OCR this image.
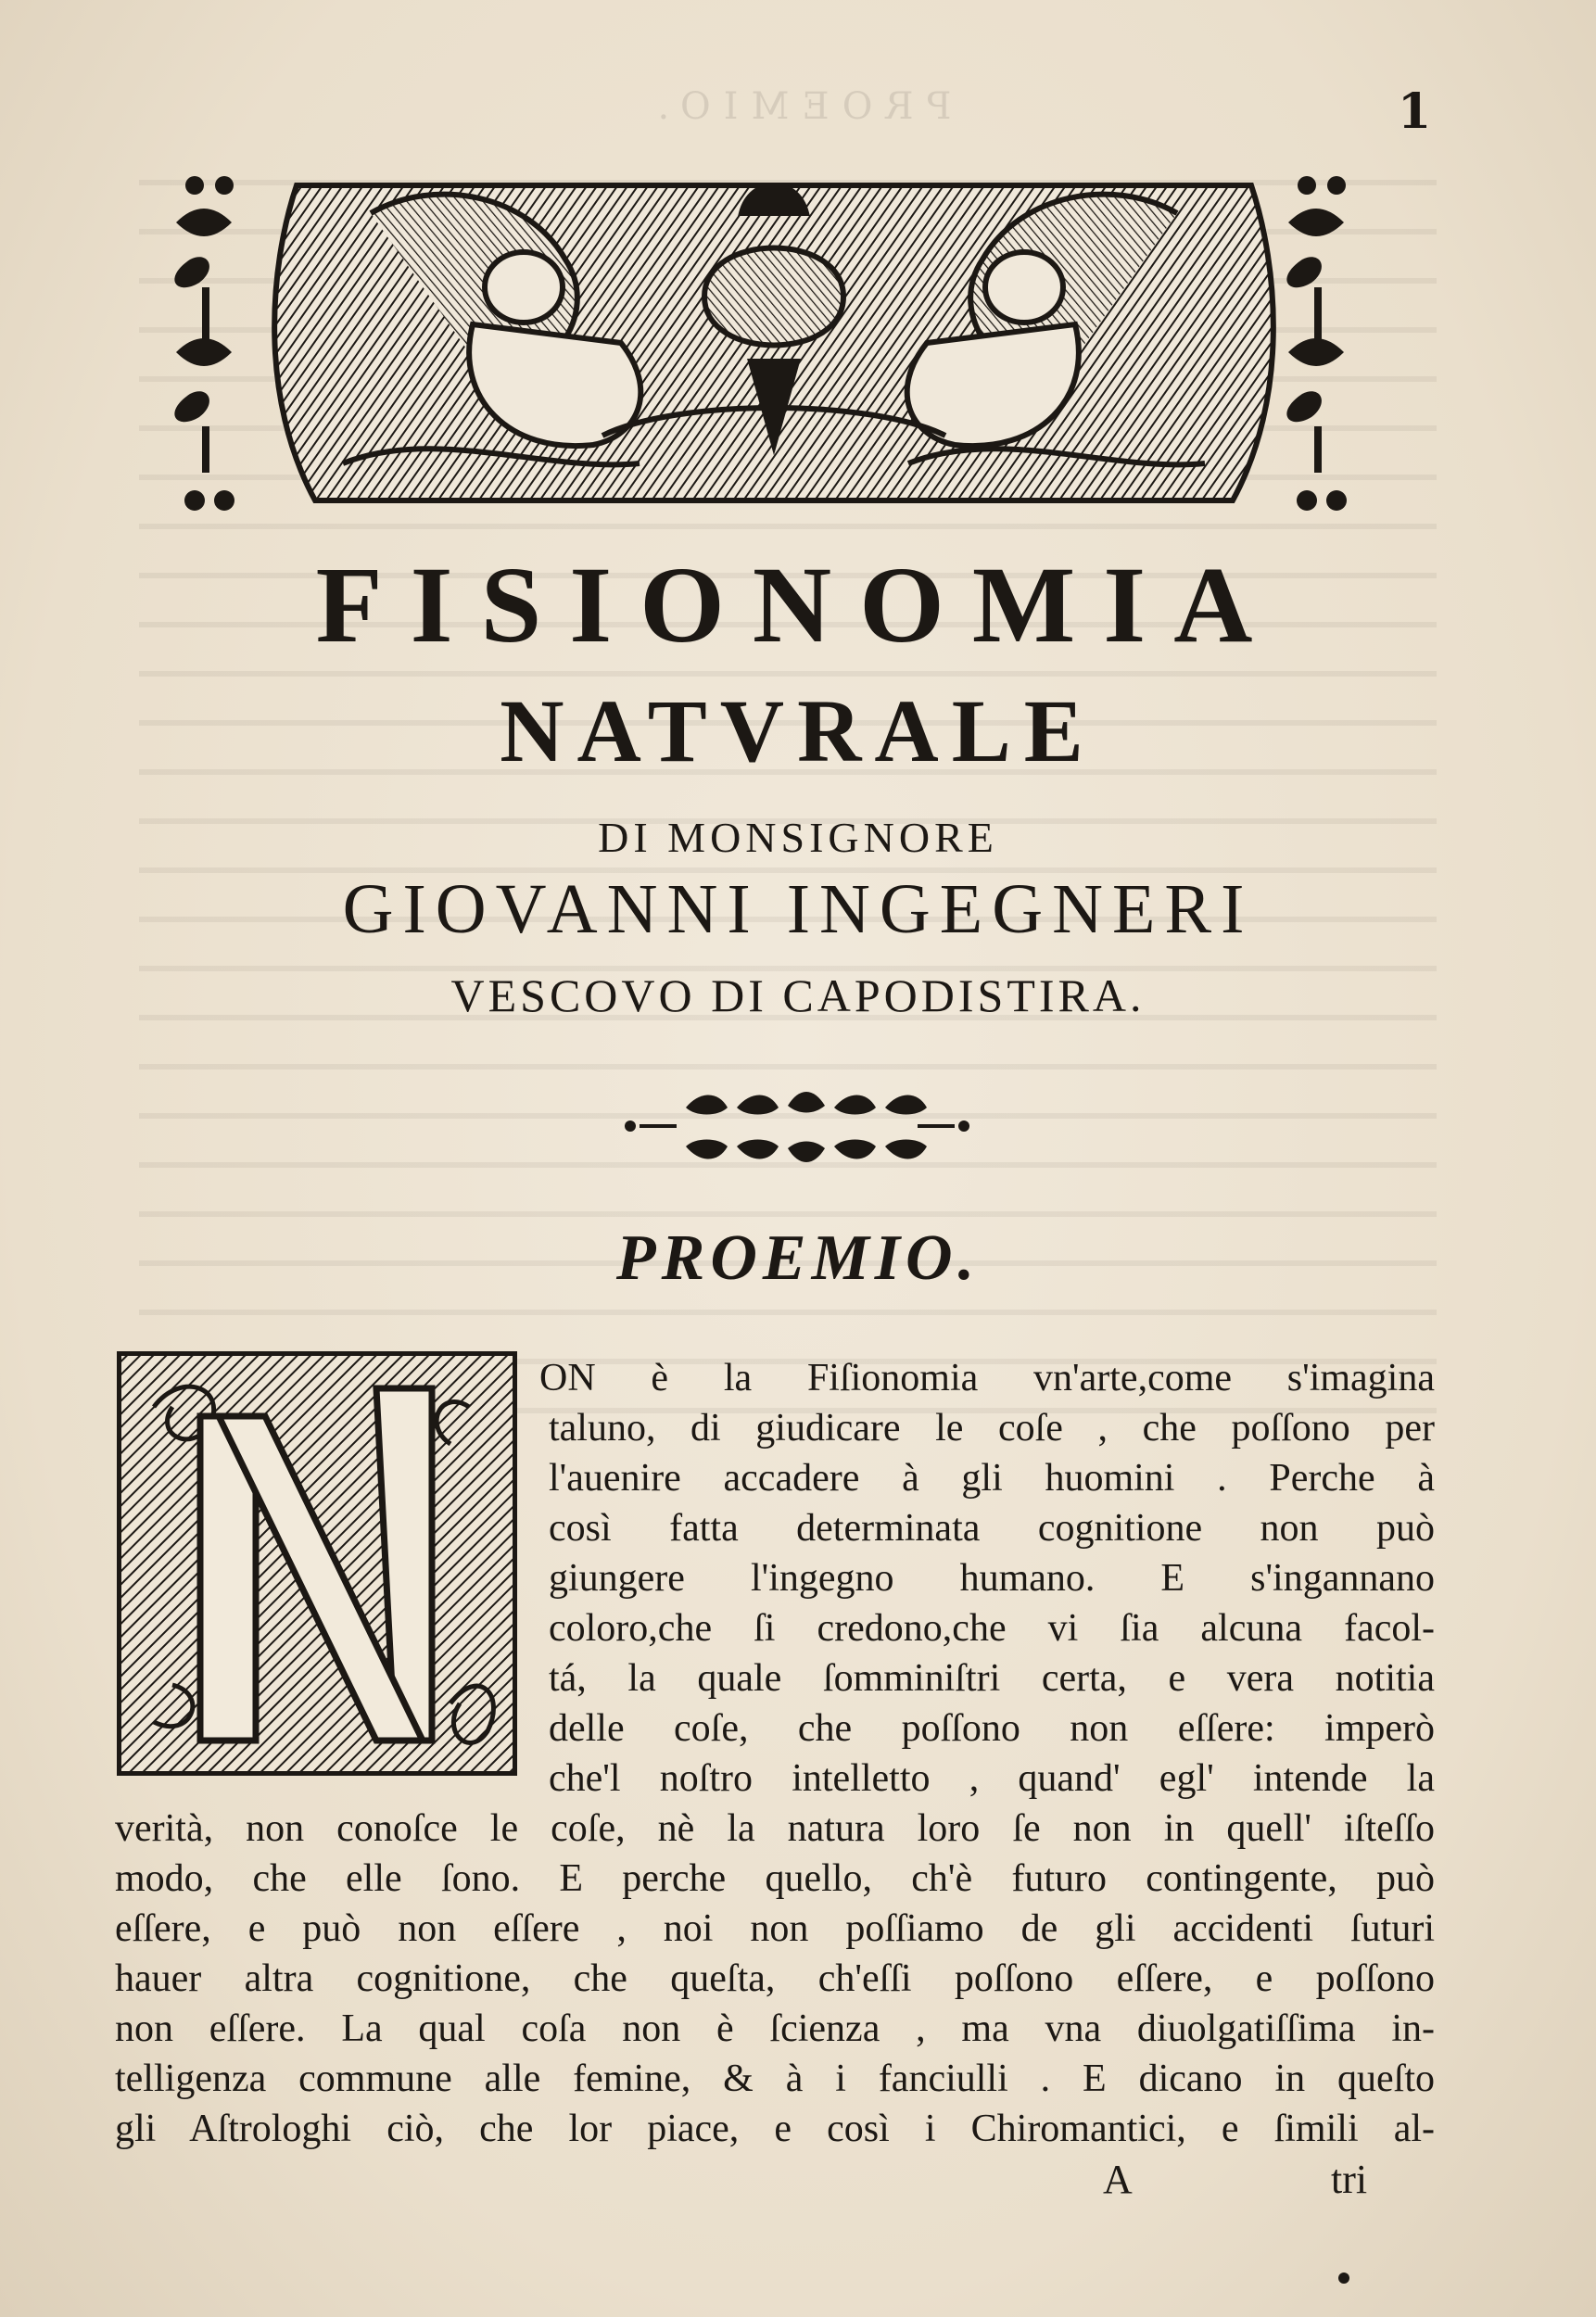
PROEMIO.	1
FISIONOMIA
NATVRALE
DI MONSIGNORE
GIOVANNI INGEGNERI
VESCOVO DI CAPODISTIRA.
PROEMIO.
ON è la Fiſionomia vn'arte,come s'imagina
taluno, di giudicare le coſe , che poſſono per
l'auenire accadere à gli huomini . Perche à
così fatta determinata cognitione non può
giungere l'ingegno humano. E s'ingannano
coloro,che ſi credono,che vi ſia alcuna facol-
tá, la quale ſomminiſtri certa, e vera notitia
delle coſe, che poſſono non eſſere: imperò
che'l noſtro intelletto , quand' egl' intende la
verità, non conoſce le coſe, nè la natura loro ſe non in quell' iſteſſo
modo, che elle ſono. E perche quello, ch'è futuro contingente, può
eſſere, e può non eſſere , noi non poſſiamo de gli accidenti ſuturi
hauer altra cognitione, che queſta, ch'eſſi poſſono eſſere, e poſſono
non eſſere. La qual coſa non è ſcienza , ma vna diuolgatiſſima in-
telligenza commune alle femine, & à i fanciulli . E dicano in queſto
gli Aſtrologhi ciò, che lor piace, e così i Chiromantici, e ſimili al-
A	tri
